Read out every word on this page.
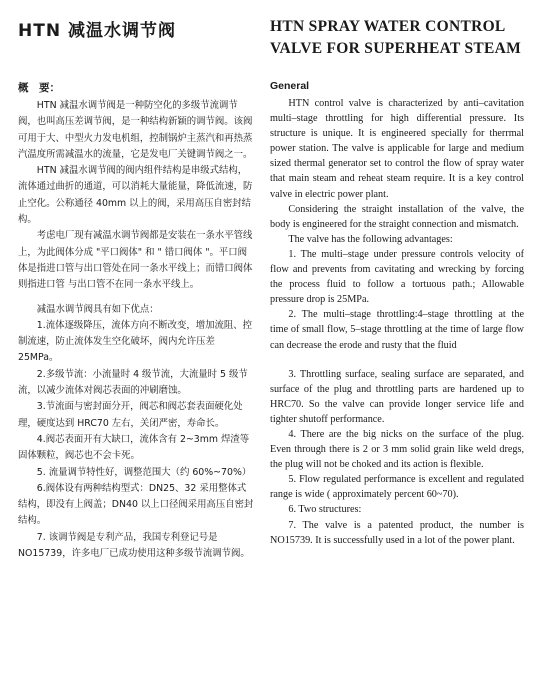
HTN 减温水调节阀	HTN SPRAY WATER CONTROL
VALVE FOR SUPERHEAT STEAM
概　要：	General

HTN 减温水调节阀是一种防空化的多级节流调节阀，也叫高压差调节阀，是一种结构新颖的调节阀。该阀可用于大、中型火力发电机组，控制锅炉主蒸汽和再热蒸汽温度所需减温水的流量，它是发电厂关键调节阀之一。

HTN 减温水调节阀的阀内组件结构是串级式结构，流体通过曲折的通道，可以消耗大量能量，降低流速，防止空化。公称通径 40mm 以上的阀，采用高压自密封结构。

考虑电厂现有减温水调节阀都是安装在一条水平管线上，为此阀体分成 "平口阀体" 和 " 错口阀体 "。平口阀体是指进口管与出口管处在同一条水平线上；而错口阀体则指进口管 与出口管不在同一条水平线上。

减温水调节阀具有如下优点：

1.流体逐级降压，流体方向不断改变，增加流阻、控制流速，防止流体发生空化破坏，阀内允许压差 25MPa。

2.多级节流：小流量时 4 级节流，大流量时 5 级节流，以减少流体对阀芯表面的冲刷磨蚀。

3.节流面与密封面分开，阀芯和阀芯套表面硬化处理，硬度达到 HRC70 左右，关闭严密，寿命长。

4.阀芯表面开有大缺口，流体含有 2~3mm 焊渣等固体颗粒，阀芯也不会卡死。

5. 流量调节特性好，调整范围大（约 60%~70%）

6.阀体设有两种结构型式：DN25、32 采用整体式结构，即没有上阀盖；DN40 以上口径阀采用高压自密封结构。

7. 该调节阀是专利产品，我国专利登记号是 NO15739，许多电厂已成功使用这种多级节流调节阀。

HTN control valve is characterized by anti–cavitation multi–stage throttling for high differential pressure. Its structure is unique. It is engineered specially for therrmal power station. The valve is applicable for large and medium sized thermal generator set to control the flow of spray water that main steam and reheat steam require. It is a key control valve in electric power plant.

Considering the straight installation of the valve, the body is engineered for the straight connection and mismatch.

The valve has the following advantages:

1. The multi–stage under pressure controls velocity of flow and prevents from cavitating and wrecking by forcing the process fluid to follow a tortuous path.; Allowable pressure drop is 25MPa.

2. The multi–stage throttling:4–stage throttling at the time of small flow, 5–stage throttling at the time of large flow can decrease the erode and rusty that the fluid

3. Throttling surface, sealing surface are separated, and surface of the plug and throttling parts are hardened up to HRC70. So the valve can provide longer service life and tighter shutoff performance.

4. There are the big nicks on the surface of the plug. Even through there is 2 or 3 mm solid grain like weld dregs, the plug will not be choked and its action is flexible.

5. Flow regulated performance is excellent and regulated range is wide ( approximately percent 60~70).

6. Two structures:

7. The valve is a patented product, the number is NO15739. It is successfully used in a lot of the power plant.
